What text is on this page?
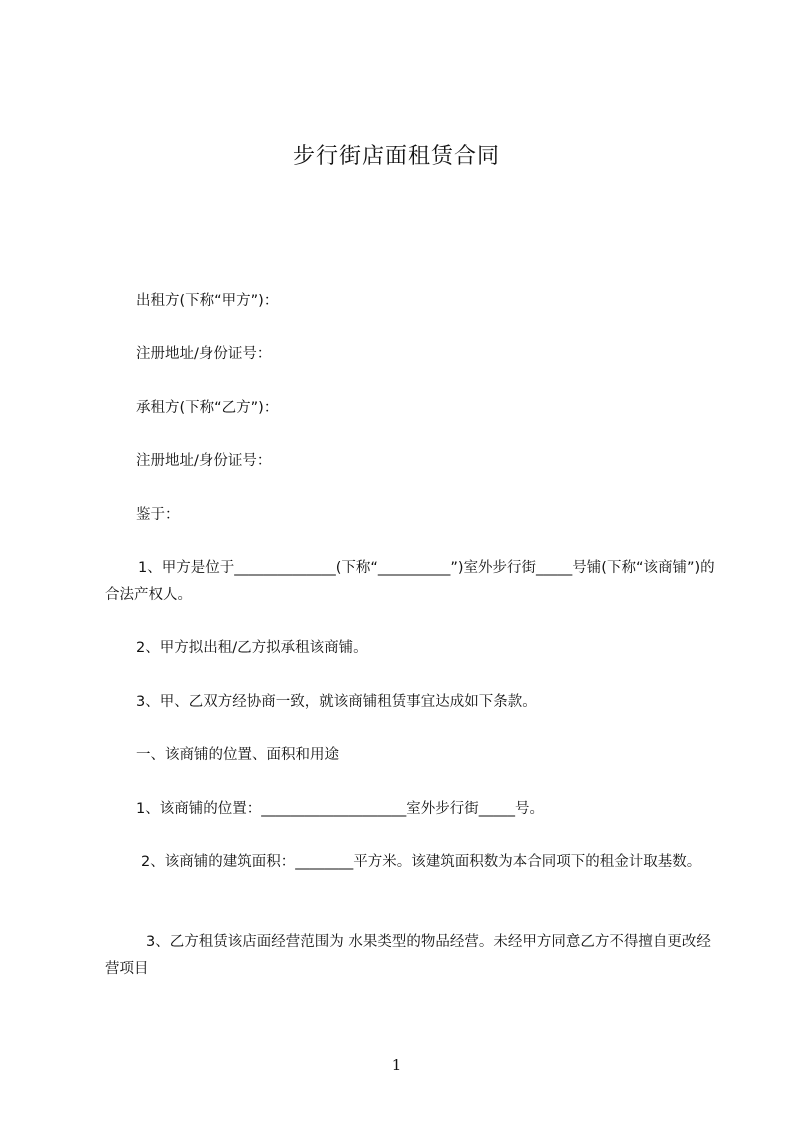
步行街店面租赁合同
出租方(下称“甲方”)：
注册地址/身份证号：
承租方(下称“乙方”)：
注册地址/身份证号：
鉴于：
1、甲方是位于______________(下称“__________”)室外步行街_____号铺(下称“该商铺”)的合法产权人。
2、甲方拟出租/乙方拟承租该商铺。
3、甲、乙双方经协商一致，就该商铺租赁事宜达成如下条款。
一、该商铺的位置、面积和用途
1、该商铺的位置：____________________室外步行街_____号。
2、该商铺的建筑面积：________平方米。该建筑面积数为本合同项下的租金计取基数。
3、乙方租赁该店面经营范围为 水果类型的物品经营。未经甲方同意乙方不得擅自更改经营项目
1
